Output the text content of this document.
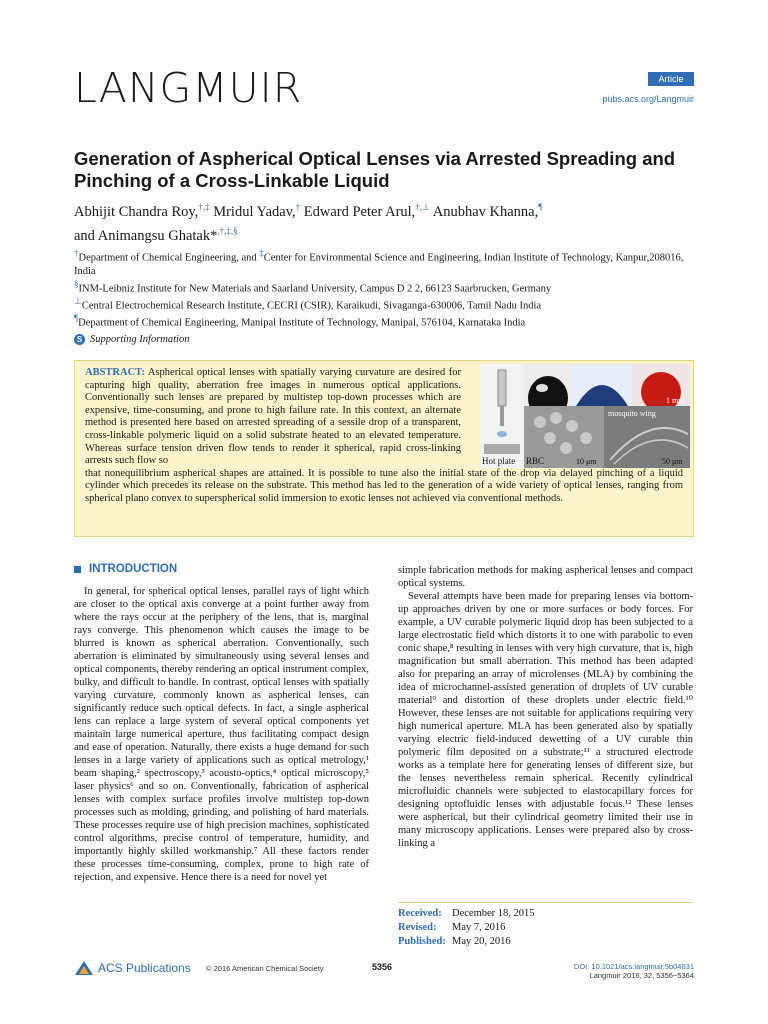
LANGMUIR	Article
pubs.acs.org/Langmuir
Generation of Aspherical Optical Lenses via Arrested Spreading and Pinching of a Cross-Linkable Liquid
Abhijit Chandra Roy,†,‡ Mridul Yadav,† Edward Peter Arul,†,⊥ Anubhav Khanna,¶
and Animangsu Ghatak*,†,‡,§
†Department of Chemical Engineering, and ‡Center for Environmental Science and Engineering, Indian Institute of Technology, Kanpur,208016, India
§INM-Leibniz Institute for New Materials and Saarland University, Campus D 2 2, 66123 Saarbrucken, Germany
⊥Central Electrochemical Research Institute, CECRI (CSIR), Karaikudi, Sivaganga-630006, Tamil Nadu India
¶Department of Chemical Engineering, Manipal Institute of Technology, Manipal, 576104, Karnataka India
S Supporting Information
ABSTRACT: Aspherical optical lenses with spatially varying curvature are desired for capturing high quality, aberration free images in numerous optical applications. Conventionally such lenses are prepared by multistep top-down processes which are expensive, time-consuming, and prone to high failure rate. In this context, an alternate method is presented here based on arrested spreading of a sessile drop of a transparent, cross-linkable polymeric liquid on a solid substrate heated to an elevated temperature. Whereas surface tension driven flow tends to render it spherical, rapid cross-linking arrests such flow so
that nonequilibrium aspherical shapes are attained. It is possible to tune also the initial state of the drop via delayed pinching of a liquid cylinder which precedes its release on the substrate. This method has led to the generation of a wide variety of optical lenses, ranging from spherical plano convex to superspherical solid immersion to exotic lenses not achieved via conventional methods.
Hot plate
1 mm
RBC	10 μm
mosquito wing
50 μm
INTRODUCTION

In general, for spherical optical lenses, parallel rays of light which are closer to the optical axis converge at a point further away from where the rays occur at the periphery of the lens, that is, marginal rays converge. This phenomenon which causes the image to be blurred is known as spherical aberration. Conventionally, such aberration is eliminated by simultaneously using several lenses and optical components, thereby rendering an optical instrument complex, bulky, and difficult to handle. In contrast, optical lenses with spatially varying curvature, commonly known as aspherical lenses, can significantly reduce such optical defects. In fact, a single aspherical lens can replace a large system of several optical components yet maintain large numerical aperture, thus facilitating compact design and ease of operation. Naturally, there exists a huge demand for such lenses in a large variety of applications such as optical metrology,¹ beam shaping,² spectroscopy,³ acousto-optics,⁴ optical microscopy,⁵ laser physics⁶ and so on. Conventionally, fabrication of aspherical lenses with complex surface profiles involve multistep top-down processes such as molding, grinding, and polishing of hard materials. These processes require use of high precision machines, sophisticated control algorithms, precise control of temperature, humidity, and importantly highly skilled workmanship.⁷ All these factors render these processes time-consuming, complex, prone to high rate of rejection, and expensive. Hence there is a need for novel yet

simple fabrication methods for making aspherical lenses and compact optical systems.

Several attempts have been made for preparing lenses via bottom-up approaches driven by one or more surfaces or body forces. For example, a UV curable polymeric liquid drop has been subjected to a large electrostatic field which distorts it to one with parabolic to even conic shape,⁸ resulting in lenses with very high curvature, that is, high magnification but small aberration. This method has been adapted also for preparing an array of microlenses (MLA) by combining the idea of microchannel-assisted generation of droplets of UV curable material⁹ and distortion of these droplets under electric field.¹⁰ However, these lenses are not suitable for applications requiring very high numerical aperture. MLA has been generated also by spatially varying electric field-induced dewetting of a UV curable thin polymeric film deposited on a substrate;¹¹ a structured electrode works as a template here for generating lenses of different size, but the lenses nevertheless remain spherical. Recently cylindrical microfluidic channels were subjected to elastocapillary forces for designing optofluidic lenses with adjustable focus.¹² These lenses were aspherical, but their cylindrical geometry limited their use in many microscopy applications. Lenses were prepared also by cross-linking a

Received: December 18, 2015
Revised:	May 7, 2016
Published: May 20, 2016
ACS Publications © 2016 American Chemical Society	5356	DOI: 10.1021/acs.langmuir.5b04631
Langmuir 2016, 32, 5356−5364
